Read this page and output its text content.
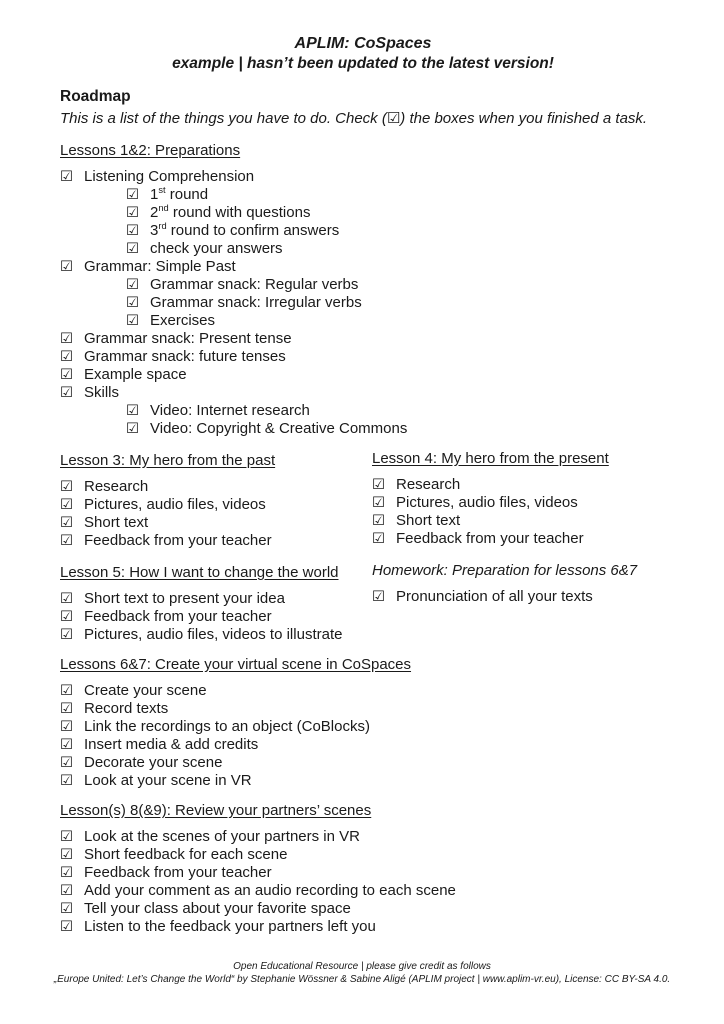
APLIM: CoSpaces
example | hasn’t been updated to the latest version!
Roadmap

This is a list of the things you have to do. Check (☑) the boxes when you finished a task.

Lessons 1&2: Preparations
☑ Listening Comprehension
☑ 1st round
☑ 2nd round with questions
☑ 3rd round to confirm answers
☑ check your answers
☑ Grammar: Simple Past
☑ Grammar snack: Regular verbs
☑ Grammar snack: Irregular verbs
☑ Exercises
☑ Grammar snack: Present tense
☑ Grammar snack: future tenses
☑ Example space
☑ Skills
☑ Video: Internet research
☑ Video: Copyright & Creative Commons
Lesson 3: My hero from the past
☑ Research
☑ Pictures, audio files, videos
☑ Short text
☑ Feedback from your teacher
Lesson 4: My hero from the present
☑ Research
☑ Pictures, audio files, videos
☑ Short text
☑ Feedback from your teacher
Lesson 5: How I want to change the world
☑ Short text to present your idea
☑ Feedback from your teacher
☑ Pictures, audio files, videos to illustrate
Homework: Preparation for lessons 6&7
☑ Pronunciation of all your texts
Lessons 6&7: Create your virtual scene in CoSpaces
☑ Create your scene
☑ Record texts
☑ Link the recordings to an object (CoBlocks)
☑ Insert media & add credits
☑ Decorate your scene
☑ Look at your scene in VR
Lesson(s) 8(&9): Review your partners’ scenes
☑ Look at the scenes of your partners in VR
☑ Short feedback for each scene
☑ Feedback from your teacher
☑ Add your comment as an audio recording to each scene
☑ Tell your class about your favorite space
☑ Listen to the feedback your partners left you
Open Educational Resource | please give credit as follows
„Europe United: Let’s Change the World“ by Stephanie Wössner & Sabine Aligé (APLIM project | www.aplim-vr.eu), License: CC BY-SA 4.0.
